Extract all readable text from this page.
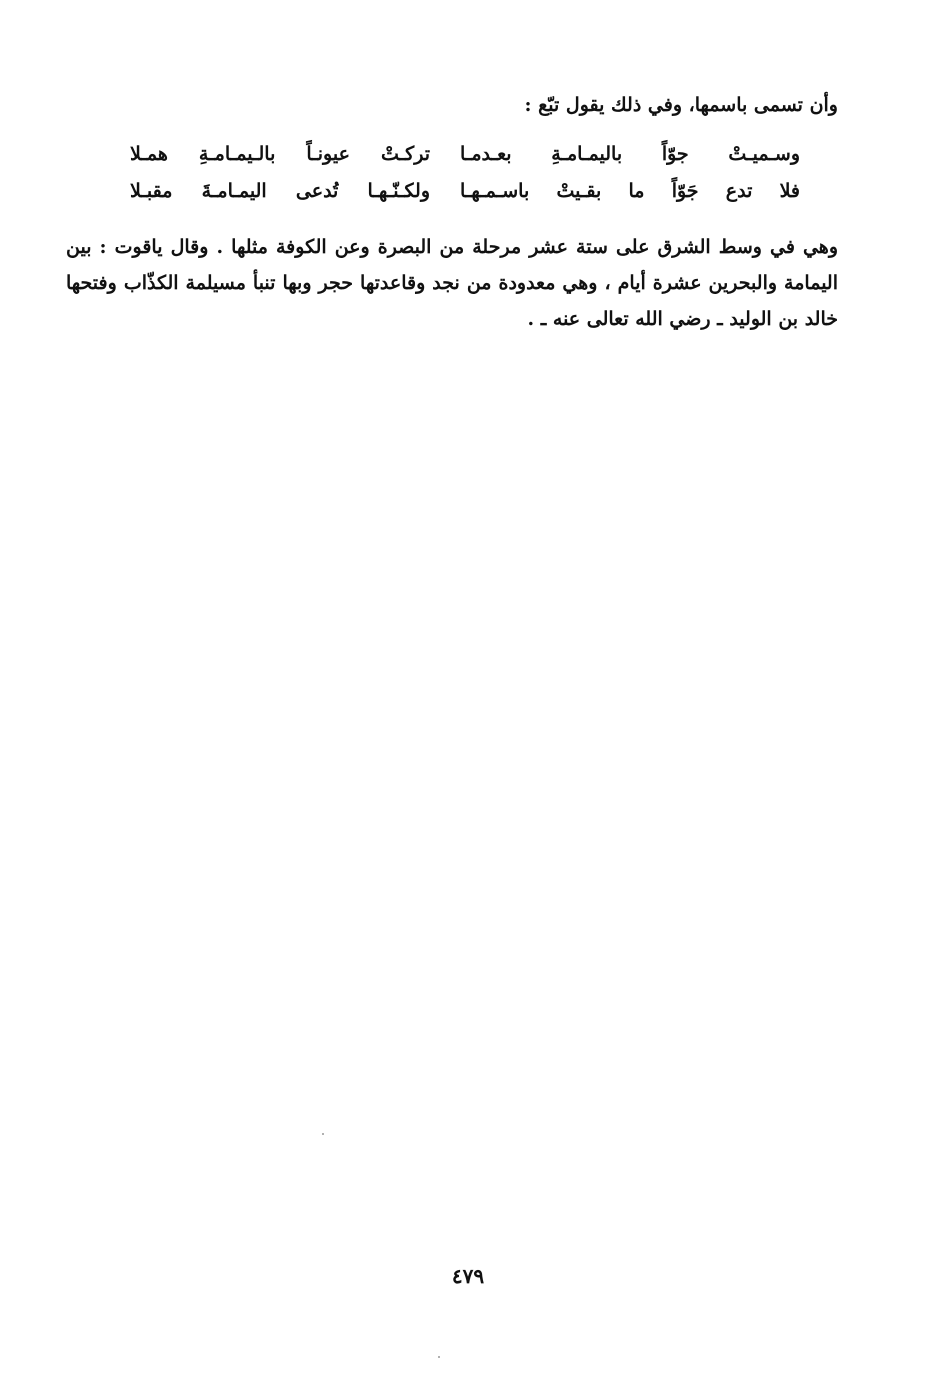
وأن تسمى باسمها، وفي ذلك يقول تبّع :
وسـميـتْ جوّاً باليمـامـةِ بعـدمـا
تركـتْ عيونـاً بالـيمـامـةِ همـلا
فلا تدع جَوّاً ما بقـيتْ باسـمـهـا
ولكـنّـهـا تُدعى اليمـامـةَ مقبـلا
وهي في وسط الشرق على ستة عشر مرحلة من البصرة وعن الكوفة مثلها . وقال ياقوت : بين اليمامة والبحرين عشرة أيام ، وهي معدودة من نجد وقاعدتها حجر وبها تنبأ مسيلمة الكذّاب وفتحها خالد بن الوليد ـ رضي الله تعالى عنه ـ .
٤٧٩
